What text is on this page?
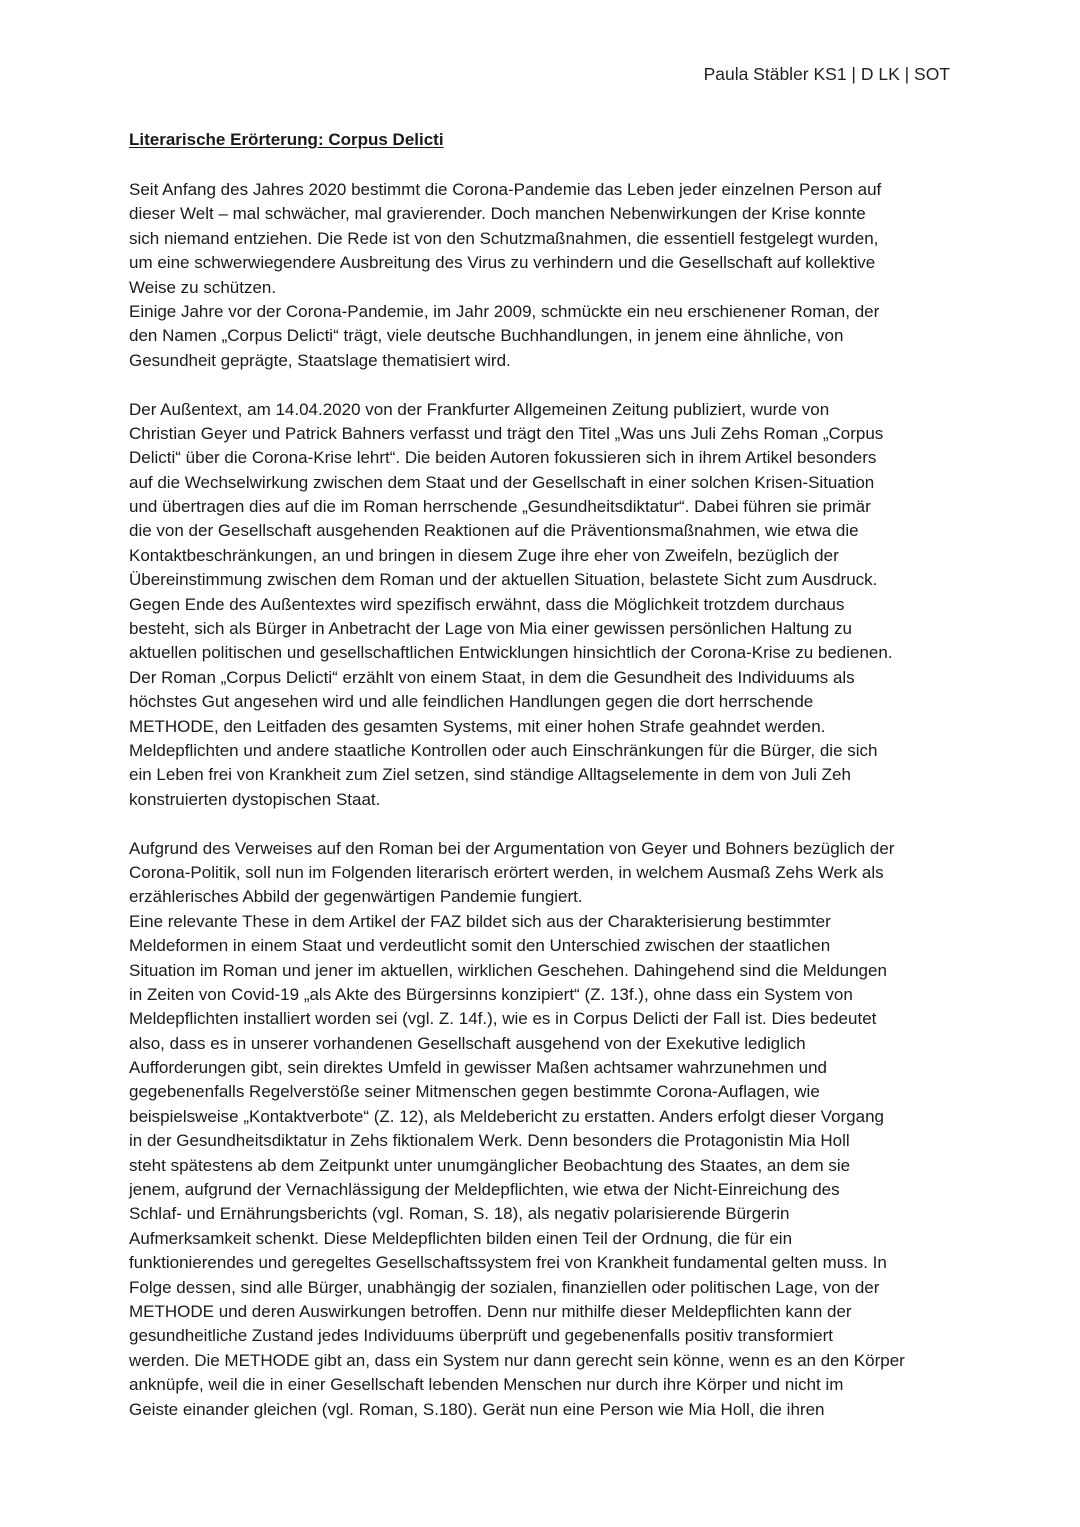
Paula Stäbler KS1 | D LK | SOT
Literarische Erörterung: Corpus Delicti
Seit Anfang des Jahres 2020 bestimmt die Corona-Pandemie das Leben jeder einzelnen Person auf
dieser Welt – mal schwächer, mal gravierender. Doch manchen Nebenwirkungen der Krise konnte
sich niemand entziehen. Die Rede ist von den Schutzmaßnahmen, die essentiell festgelegt wurden,
um eine schwerwiegendere Ausbreitung des Virus zu verhindern und die Gesellschaft auf kollektive
Weise zu schützen.
Einige Jahre vor der Corona-Pandemie, im Jahr 2009, schmückte ein neu erschienener Roman, der
den Namen „Corpus Delicti“ trägt, viele deutsche Buchhandlungen, in jenem eine ähnliche, von
Gesundheit geprägte, Staatslage thematisiert wird.
Der Außentext, am 14.04.2020 von der Frankfurter Allgemeinen Zeitung publiziert, wurde von
Christian Geyer und Patrick Bahners verfasst und trägt den Titel „Was uns Juli Zehs Roman „Corpus
Delicti“ über die Corona-Krise lehrt“. Die beiden Autoren fokussieren sich in ihrem Artikel besonders
auf die Wechselwirkung zwischen dem Staat und der Gesellschaft in einer solchen Krisen-Situation
und übertragen dies auf die im Roman herrschende „Gesundheitsdiktatur“. Dabei führen sie primär
die von der Gesellschaft ausgehenden Reaktionen auf die Präventionsmaßnahmen, wie etwa die
Kontaktbeschränkungen, an und bringen in diesem Zuge ihre eher von Zweifeln, bezüglich der
Übereinstimmung zwischen dem Roman und der aktuellen Situation, belastete Sicht zum Ausdruck.
Gegen Ende des Außentextes wird spezifisch erwähnt, dass die Möglichkeit trotzdem durchaus
besteht, sich als Bürger in Anbetracht der Lage von Mia einer gewissen persönlichen Haltung zu
aktuellen politischen und gesellschaftlichen Entwicklungen hinsichtlich der Corona-Krise zu bedienen.
Der Roman „Corpus Delicti“ erzählt von einem Staat, in dem die Gesundheit des Individuums als
höchstes Gut angesehen wird und alle feindlichen Handlungen gegen die dort herrschende
METHODE, den Leitfaden des gesamten Systems, mit einer hohen Strafe geahndet werden.
Meldepflichten und andere staatliche Kontrollen oder auch Einschränkungen für die Bürger, die sich
ein Leben frei von Krankheit zum Ziel setzen, sind ständige Alltagselemente in dem von Juli Zeh
konstruierten dystopischen Staat.
Aufgrund des Verweises auf den Roman bei der Argumentation von Geyer und Bohners bezüglich der
Corona-Politik, soll nun im Folgenden literarisch erörtert werden, in welchem Ausmaß Zehs Werk als
erzählerisches Abbild der gegenwärtigen Pandemie fungiert.
Eine relevante These in dem Artikel der FAZ bildet sich aus der Charakterisierung bestimmter
Meldeformen in einem Staat und verdeutlicht somit den Unterschied zwischen der staatlichen
Situation im Roman und jener im aktuellen, wirklichen Geschehen. Dahingehend sind die Meldungen
in Zeiten von Covid-19 „als Akte des Bürgersinns konzipiert“ (Z. 13f.), ohne dass ein System von
Meldepflichten installiert worden sei (vgl. Z. 14f.), wie es in Corpus Delicti der Fall ist. Dies bedeutet
also, dass es in unserer vorhandenen Gesellschaft ausgehend von der Exekutive lediglich
Aufforderungen gibt, sein direktes Umfeld in gewisser Maßen achtsamer wahrzunehmen und
gegebenenfalls Regelverstöße seiner Mitmenschen gegen bestimmte Corona-Auflagen, wie
beispielsweise „Kontaktverbote“ (Z. 12), als Meldebericht zu erstatten. Anders erfolgt dieser Vorgang
in der Gesundheitsdiktatur in Zehs fiktionalem Werk. Denn besonders die Protagonistin Mia Holl
steht spätestens ab dem Zeitpunkt unter unumgänglicher Beobachtung des Staates, an dem sie
jenem, aufgrund der Vernachlässigung der Meldepflichten, wie etwa der Nicht-Einreichung des
Schlaf- und Ernährungsberichts (vgl. Roman, S. 18), als negativ polarisierende Bürgerin
Aufmerksamkeit schenkt. Diese Meldepflichten bilden einen Teil der Ordnung, die für ein
funktionierendes und geregeltes Gesellschaftssystem frei von Krankheit fundamental gelten muss. In
Folge dessen, sind alle Bürger, unabhängig der sozialen, finanziellen oder politischen Lage, von der
METHODE und deren Auswirkungen betroffen. Denn nur mithilfe dieser Meldepflichten kann der
gesundheitliche Zustand jedes Individuums überprüft und gegebenenfalls positiv transformiert
werden. Die METHODE gibt an, dass ein System nur dann gerecht sein könne, wenn es an den Körper
anknüpfe, weil die in einer Gesellschaft lebenden Menschen nur durch ihre Körper und nicht im
Geiste einander gleichen (vgl. Roman, S.180). Gerät nun eine Person wie Mia Holl, die ihren
